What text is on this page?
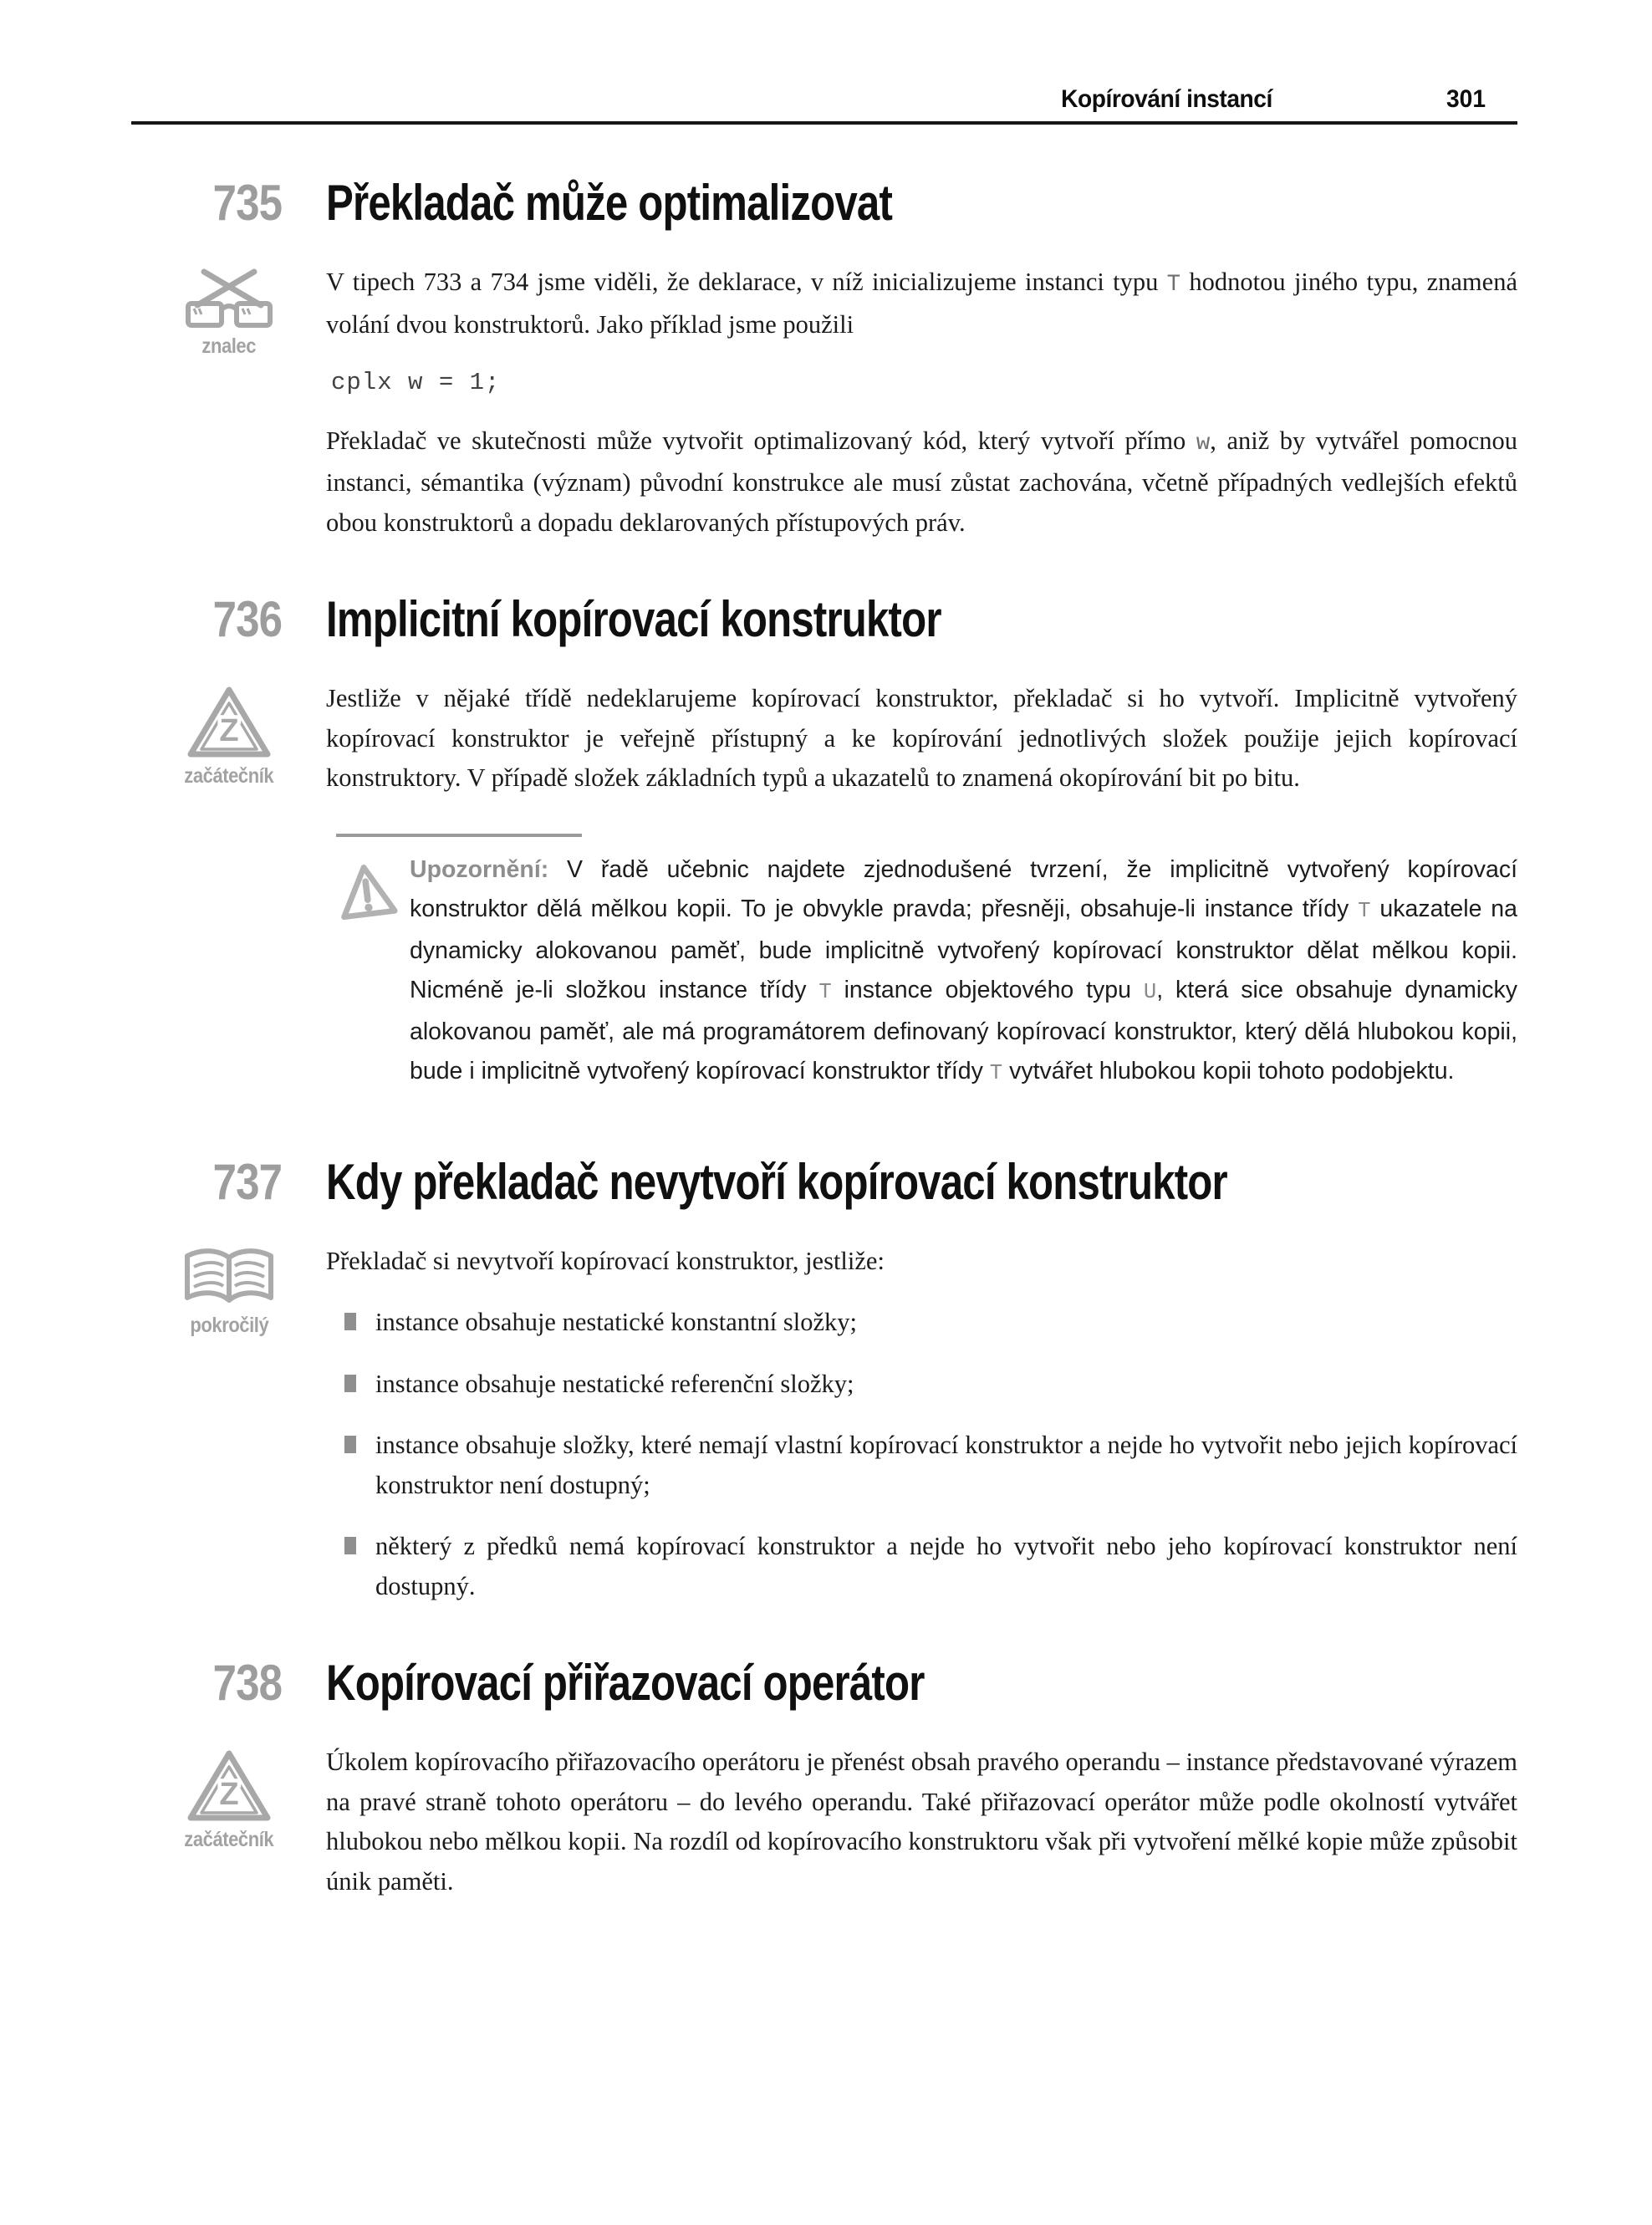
Kopírování instancí	301
735 Překladač může optimalizovat
znalec

V tipech 733 a 734 jsme viděli, že deklarace, v níž inicializujeme instanci typu T hodnotou jiného typu, znamená volání dvou konstruktorů. Jako příklad jsme použili

cplx w = 1;

Překladač ve skutečnosti může vytvořit optimalizovaný kód, který vytvoří přímo w, aniž by vytvářel pomocnou instanci, sémantika (význam) původní konstrukce ale musí zůstat zachována, včetně případných vedlejších efektů obou konstruktorů a dopadu deklarovaných přístupových práv.

736 Implicitní kopírovací konstruktor
Z
začátečník

Jestliže v nějaké třídě nedeklarujeme kopírovací konstruktor, překladač si ho vytvoří. Implicitně vytvořený kopírovací konstruktor je veřejně přístupný a ke kopírování jednotlivých složek použije jejich kopírovací konstruktory. V případě složek základních typů a ukazatelů to znamená okopírování bit po bitu.

Upozornění: V řadě učebnic najdete zjednodušené tvrzení, že implicitně vytvořený kopírovací konstruktor dělá mělkou kopii. To je obvykle pravda; přesněji, obsahuje-li instance třídy T ukazatele na dynamicky alokovanou paměť, bude implicitně vytvořený kopírovací konstruktor dělat mělkou kopii. Nicméně je-li složkou instance třídy T instance objektového typu U, která sice obsahuje dynamicky alokovanou paměť, ale má programátorem definovaný kopírovací konstruktor, který dělá hlubokou kopii, bude i implicitně vytvořený kopírovací konstruktor třídy T vytvářet hlubokou kopii tohoto podobjektu.

737 Kdy překladač nevytvoří kopírovací konstruktor
pokročilý

Překladač si nevytvoří kopírovací konstruktor, jestliže:

instance obsahuje nestatické konstantní složky;
instance obsahuje nestatické referenční složky;
instance obsahuje složky, které nemají vlastní kopírovací konstruktor a nejde ho vytvořit nebo jejich kopírovací konstruktor není dostupný;
některý z předků nemá kopírovací konstruktor a nejde ho vytvořit nebo jeho kopírovací konstruktor není dostupný.
738 Kopírovací přiřazovací operátor
Z
začátečník

Úkolem kopírovacího přiřazovacího operátoru je přenést obsah pravého operandu – instance představované výrazem na pravé straně tohoto operátoru – do levého operandu. Také přiřazovací operátor může podle okolností vytvářet hlubokou nebo mělkou kopii. Na rozdíl od kopírovacího konstruktoru však při vytvoření mělké kopie může způsobit únik paměti.
